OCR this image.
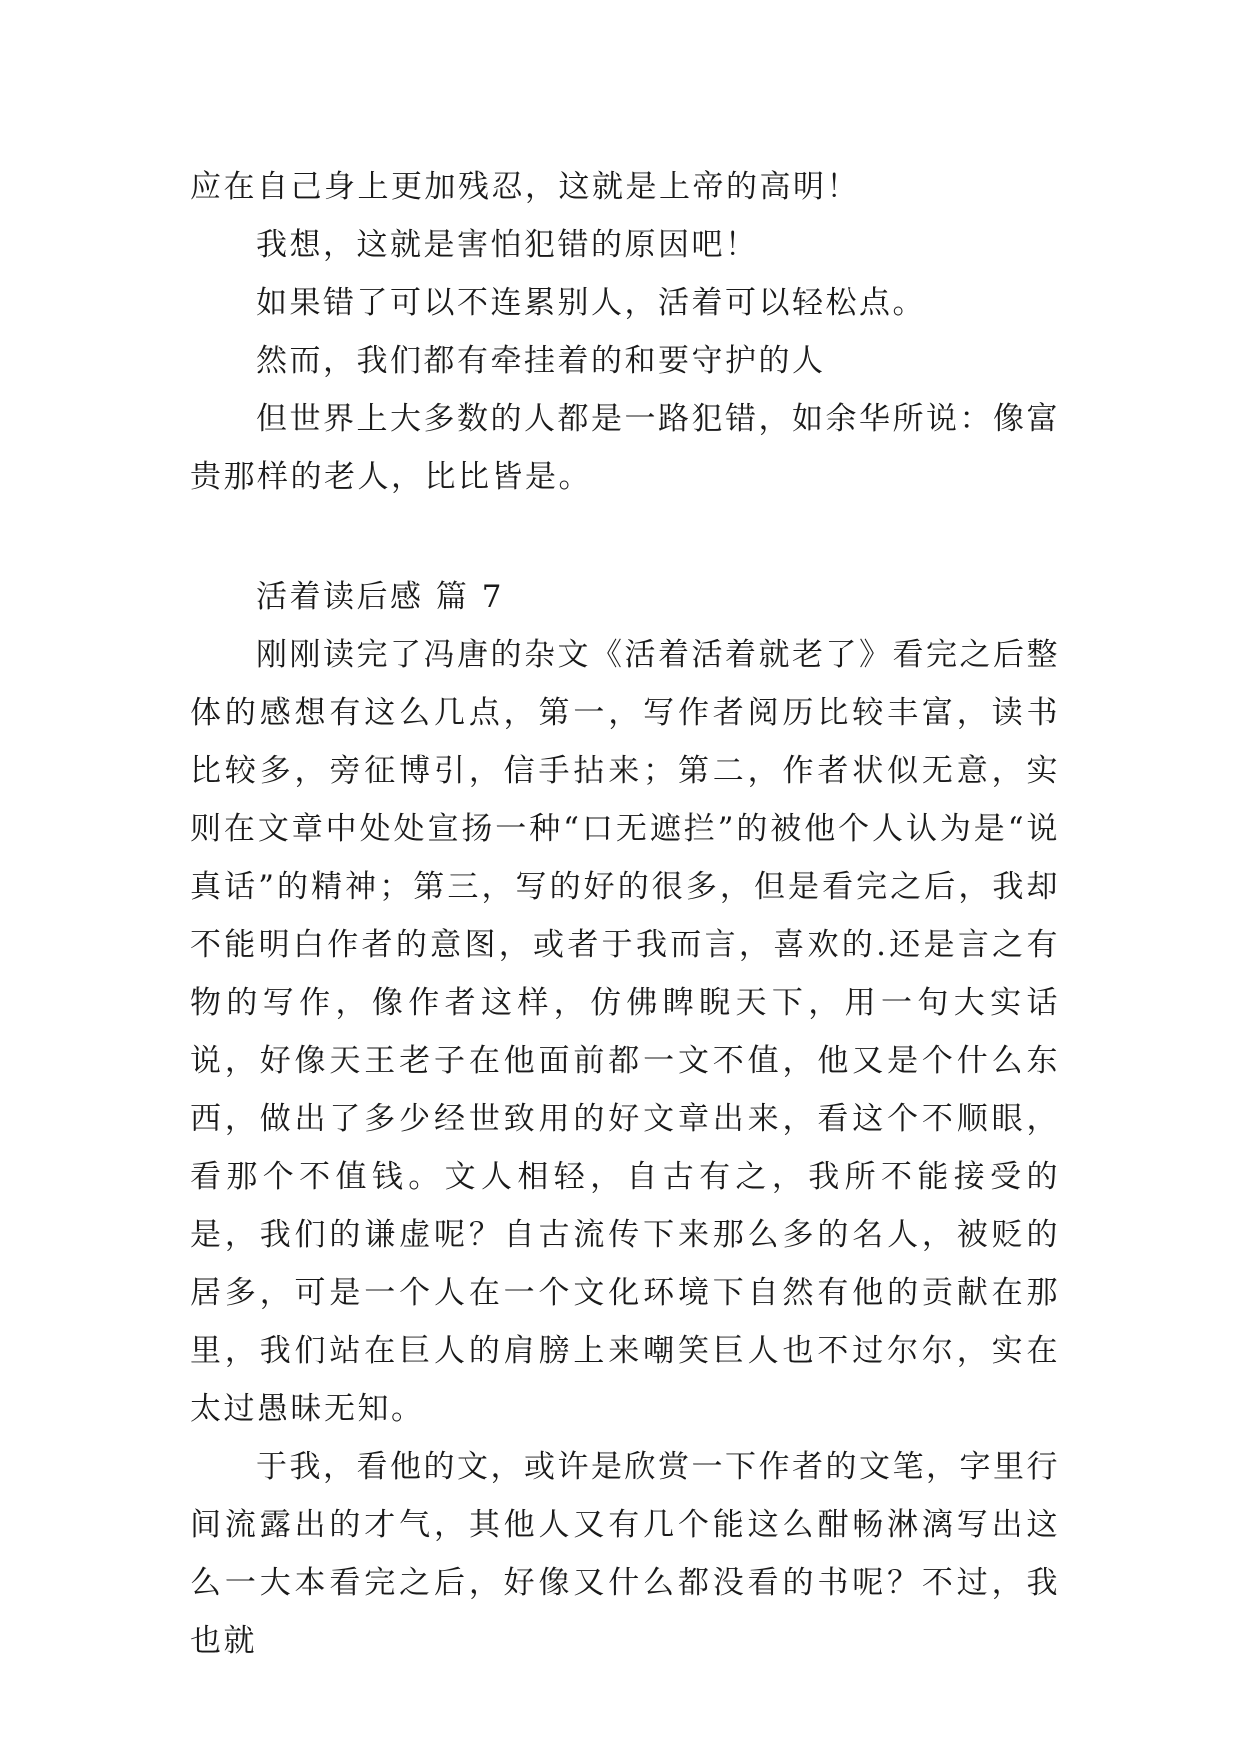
应在自己身上更加残忍，这就是上帝的高明！

我想，这就是害怕犯错的原因吧！

如果错了可以不连累别人，活着可以轻松点。

然而，我们都有牵挂着的和要守护的人

但世界上大多数的人都是一路犯错，如余华所说：像富贵那样的老人，比比皆是。

活着读后感 篇 7

刚刚读完了冯唐的杂文《活着活着就老了》看完之后整体的感想有这么几点，第一，写作者阅历比较丰富，读书比较多，旁征博引，信手拈来；第二，作者状似无意，实则在文章中处处宣扬一种“口无遮拦”的被他个人认为是“说真话”的精神；第三，写的好的很多，但是看完之后，我却不能明白作者的意图，或者于我而言，喜欢的.还是言之有物的写作，像作者这样，仿佛睥睨天下，用一句大实话说，好像天王老子在他面前都一文不值，他又是个什么东西，做出了多少经世致用的好文章出来，看这个不顺眼，看那个不值钱。文人相轻，自古有之，我所不能接受的是，我们的谦虚呢？自古流传下来那么多的名人，被贬的居多，可是一个人在一个文化环境下自然有他的贡献在那里，我们站在巨人的肩膀上来嘲笑巨人也不过尔尔，实在太过愚昧无知。

于我，看他的文，或许是欣赏一下作者的文笔，字里行间流露出的才气，其他人又有几个能这么酣畅淋漓写出这么一大本看完之后，好像又什么都没看的书呢？不过，我也就
